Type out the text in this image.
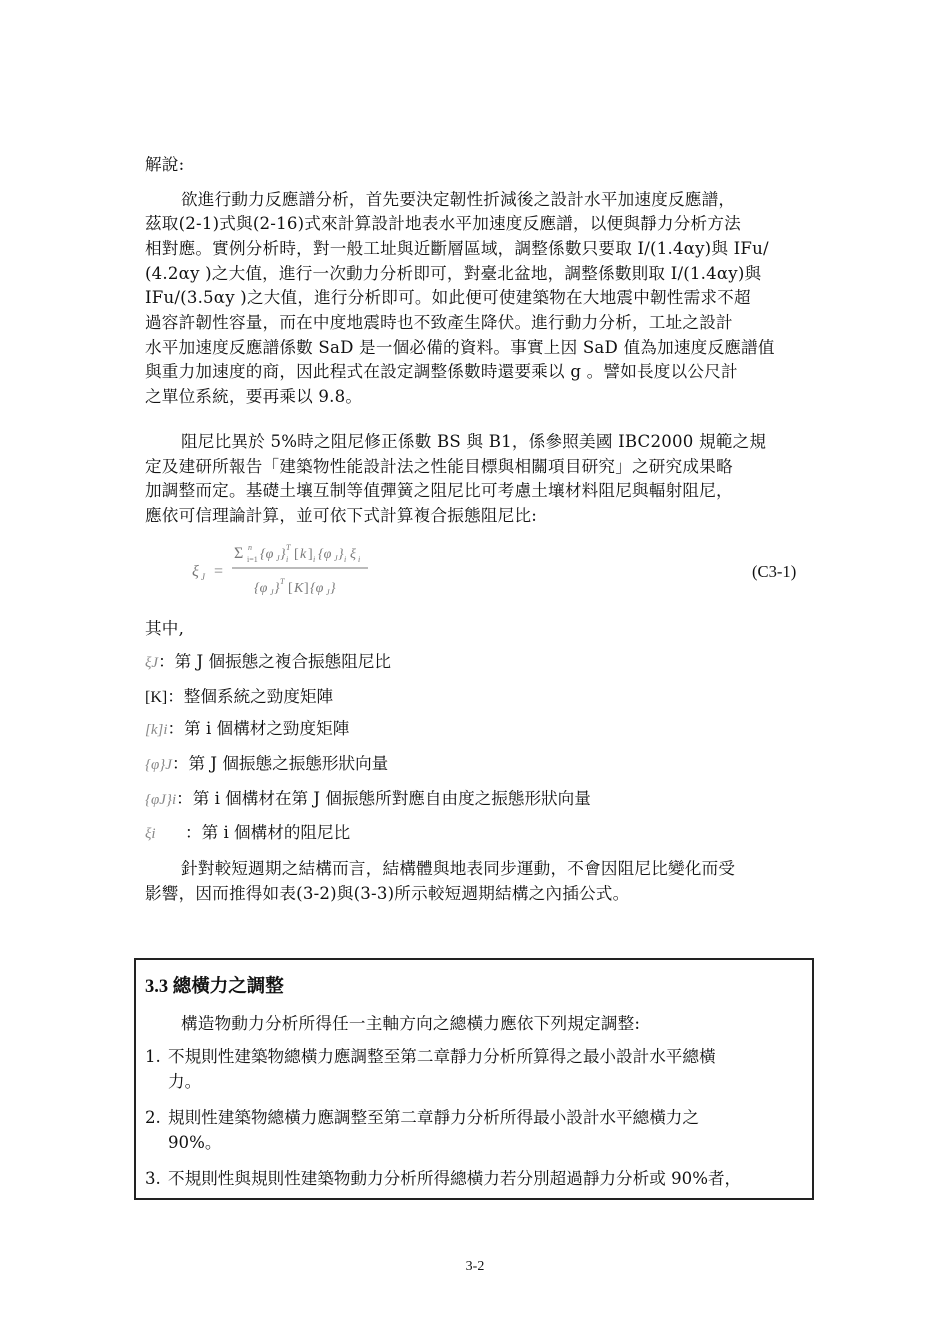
解說:
欲進行動力反應譜分析，首先要決定韌性折減後之設計水平加速度反應譜，
茲取(2-1)式與(2-16)式來計算設計地表水平加速度反應譜，以便與靜力分析方法
相對應。實例分析時，對一般工址與近斷層區域，調整係數只要取 I/(1.4αy)與 IFu/
(4.2αy )之大值，進行一次動力分析即可，對臺北盆地，調整係數則取 I/(1.4αy)與
IFu/(3.5αy )之大值，進行分析即可。如此便可使建築物在大地震中韌性需求不超
過容許韌性容量，而在中度地震時也不致產生降伏。進行動力分析，工址之設計
水平加速度反應譜係數 SaD 是一個必備的資料。事實上因 SaD 值為加速度反應譜值
與重力加速度的商，因此程式在設定調整係數時還要乘以 g 。譬如長度以公尺計
之單位系統，要再乘以 9.8。
阻尼比異於 5%時之阻尼修正係數 BS 與 B1，係參照美國 IBC2000 規範之規
定及建研所報告「建築物性能設計法之性能目標與相關項目研究」之研究成果略
加調整而定。基礎土壤互制等值彈簧之阻尼比可考慮土壤材料阻尼與輻射阻尼，
應依可信理論計算，並可依下式計算複合振態阻尼比:
ξ J =
Σ n
i=1 {φ J } T
i [ k ] i {φ J } i ξ i
{φ J } T [ K ] {φ J }
(C3-1)
其中,
ξJ：第 J 個振態之複合振態阻尼比
[K]：整個系統之勁度矩陣
[k]i：第 i 個構材之勁度矩陣
{φ}J：第 J 個振態之振態形狀向量
{φJ}i：第 i 個構材在第 J 個振態所對應自由度之振態形狀向量
ξi ：第 i 個構材的阻尼比
針對較短週期之結構而言，結構體與地表同步運動，不會因阻尼比變化而受
影響，因而推得如表(3-2)與(3-3)所示較短週期結構之內插公式。
3.3 總橫力之調整
構造物動力分析所得任一主軸方向之總橫力應依下列規定調整:
1. 不規則性建築物總橫力應調整至第二章靜力分析所算得之最小設計水平總橫
力。
2. 規則性建築物總橫力應調整至第二章靜力分析所得最小設計水平總橫力之
90%。
3. 不規則性與規則性建築物動力分析所得總橫力若分別超過靜力分析或 90%者，
3-2
